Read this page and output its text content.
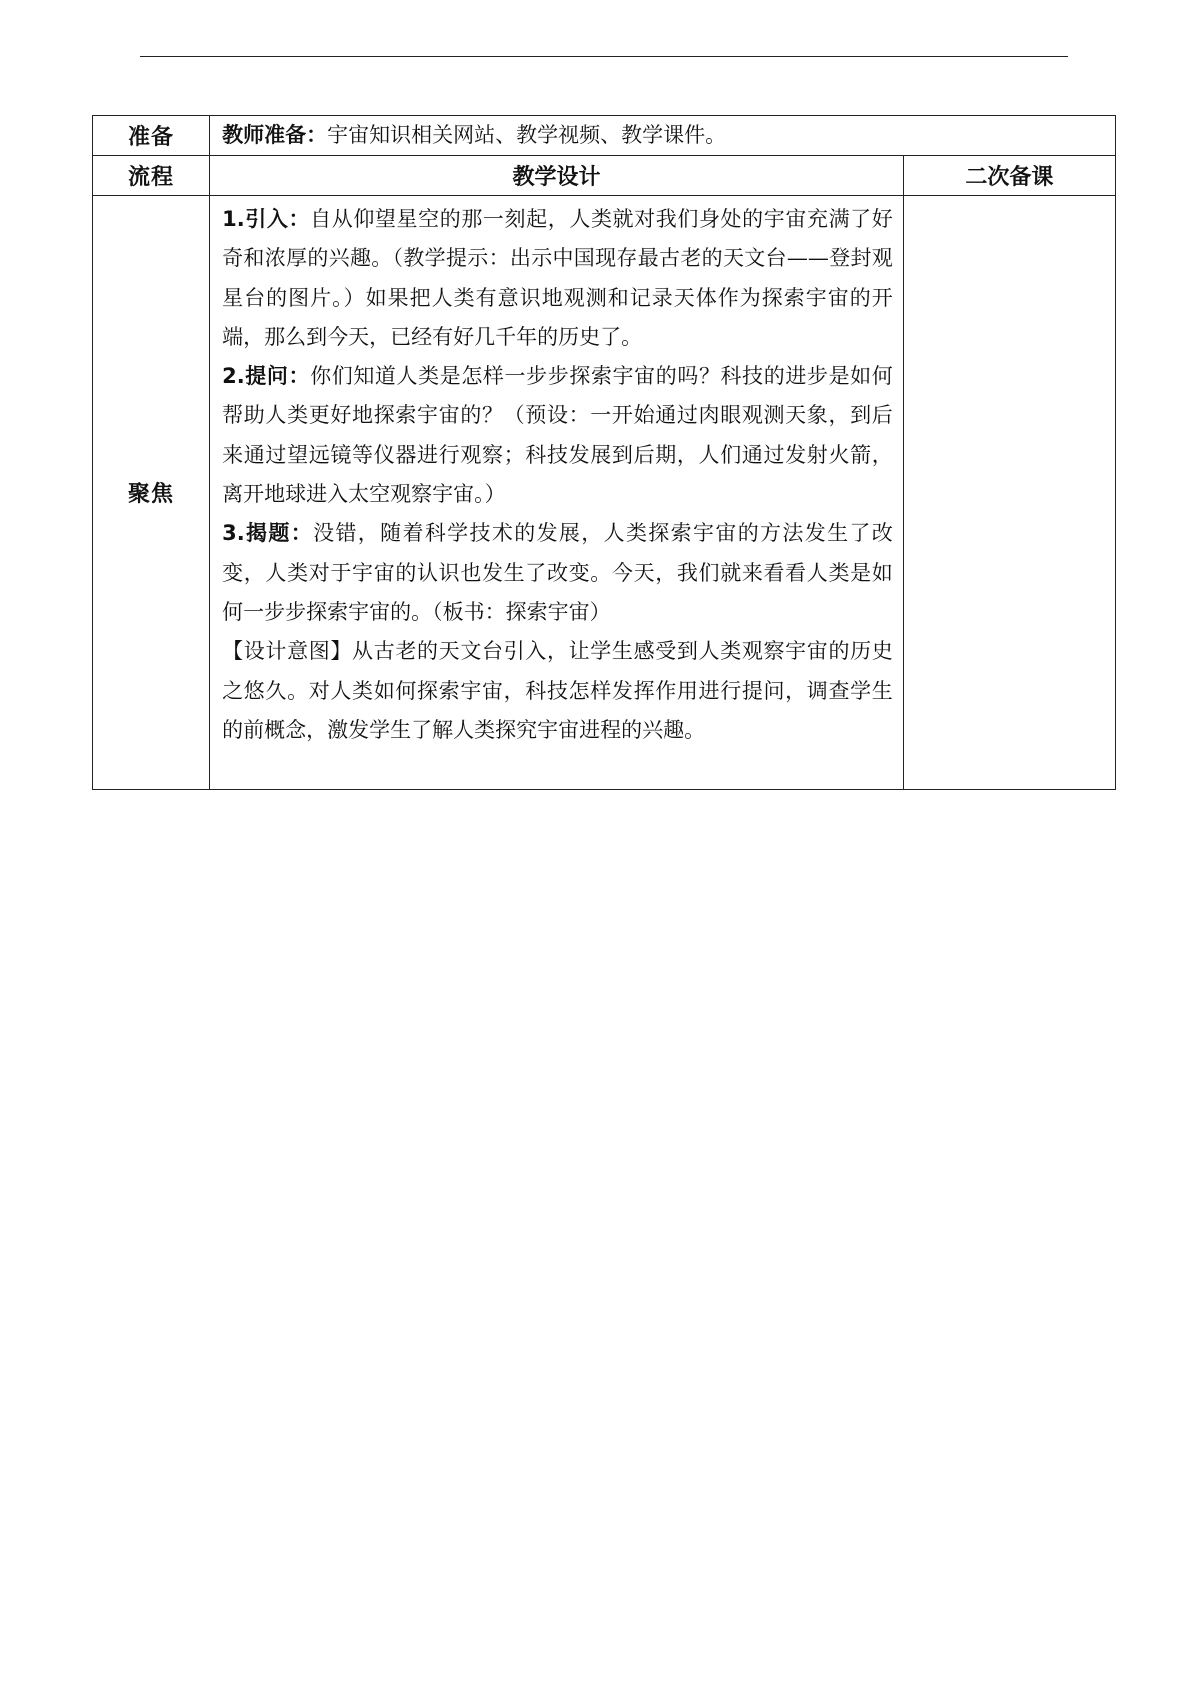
准备	教师准备：宇宙知识相关网站、教学视频、教学课件。	
流程	教学设计	二次备课
聚焦	1.引入：自从仰望星空的那一刻起，人类就对我们身处的宇宙充满了好奇和浓厚的兴趣。（教学提示：出示中国现存最古老的天文台——登封观星台的图片。）如果把人类有意识地观测和记录天体作为探索宇宙的开端，那么到今天，已经有好几千年的历史了。

2.提问：你们知道人类是怎样一步步探索宇宙的吗？科技的进步是如何帮助人类更好地探索宇宙的？（预设：一开始通过肉眼观测天象，到后来通过望远镜等仪器进行观察；科技发展到后期，人们通过发射火箭，离开地球进入太空观察宇宙。）

3.揭题：没错，随着科学技术的发展，人类探索宇宙的方法发生了改变，人类对于宇宙的认识也发生了改变。今天，我们就来看看人类是如何一步步探索宇宙的。（板书：探索宇宙）

【设计意图】从古老的天文台引入，让学生感受到人类观察宇宙的历史之悠久。对人类如何探索宇宙，科技怎样发挥作用进行提问，调查学生的前概念，激发学生了解人类探究宇宙进程的兴趣。	
